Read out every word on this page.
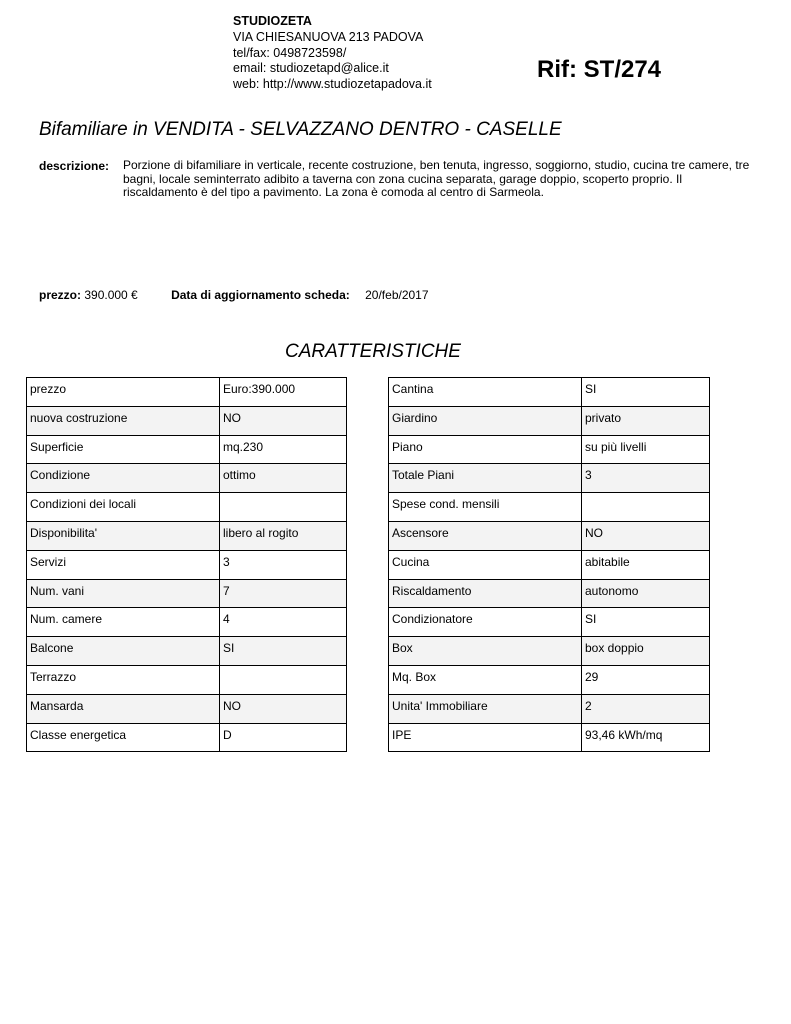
STUDIOZETA
VIA CHIESANUOVA 213 PADOVA
tel/fax: 0498723598/
email: studiozetapd@alice.it
web: http://www.studiozetapadova.it
Rif: ST/274
Bifamiliare in VENDITA - SELVAZZANO DENTRO - CASELLE
descrizione: Porzione di bifamiliare in verticale, recente costruzione, ben tenuta, ingresso, soggiorno, studio, cucina tre camere, tre bagni, locale seminterrato adibito a taverna con zona cucina separata, garage doppio, scoperto proprio. Il riscaldamento è del tipo a pavimento. La zona è comoda al centro di Sarmeola.
prezzo: 390.000 €	Data di aggiornamento scheda: 20/feb/2017
CARATTERISTICHE
prezzo	Euro:390.000
nuova costruzione	NO
Superficie	mq.230
Condizione	ottimo
Condizioni dei locali	
Disponibilita'	libero al rogito
Servizi	3
Num. vani	7
Num. camere	4
Balcone	SI
Terrazzo	
Mansarda	NO
Classe energetica	D
Cantina	SI
Giardino	privato
Piano	su più livelli
Totale Piani	3
Spese cond. mensili	
Ascensore	NO
Cucina	abitabile
Riscaldamento	autonomo
Condizionatore	SI
Box	box doppio
Mq. Box	29
Unita' Immobiliare	2
IPE	93,46 kWh/mq
